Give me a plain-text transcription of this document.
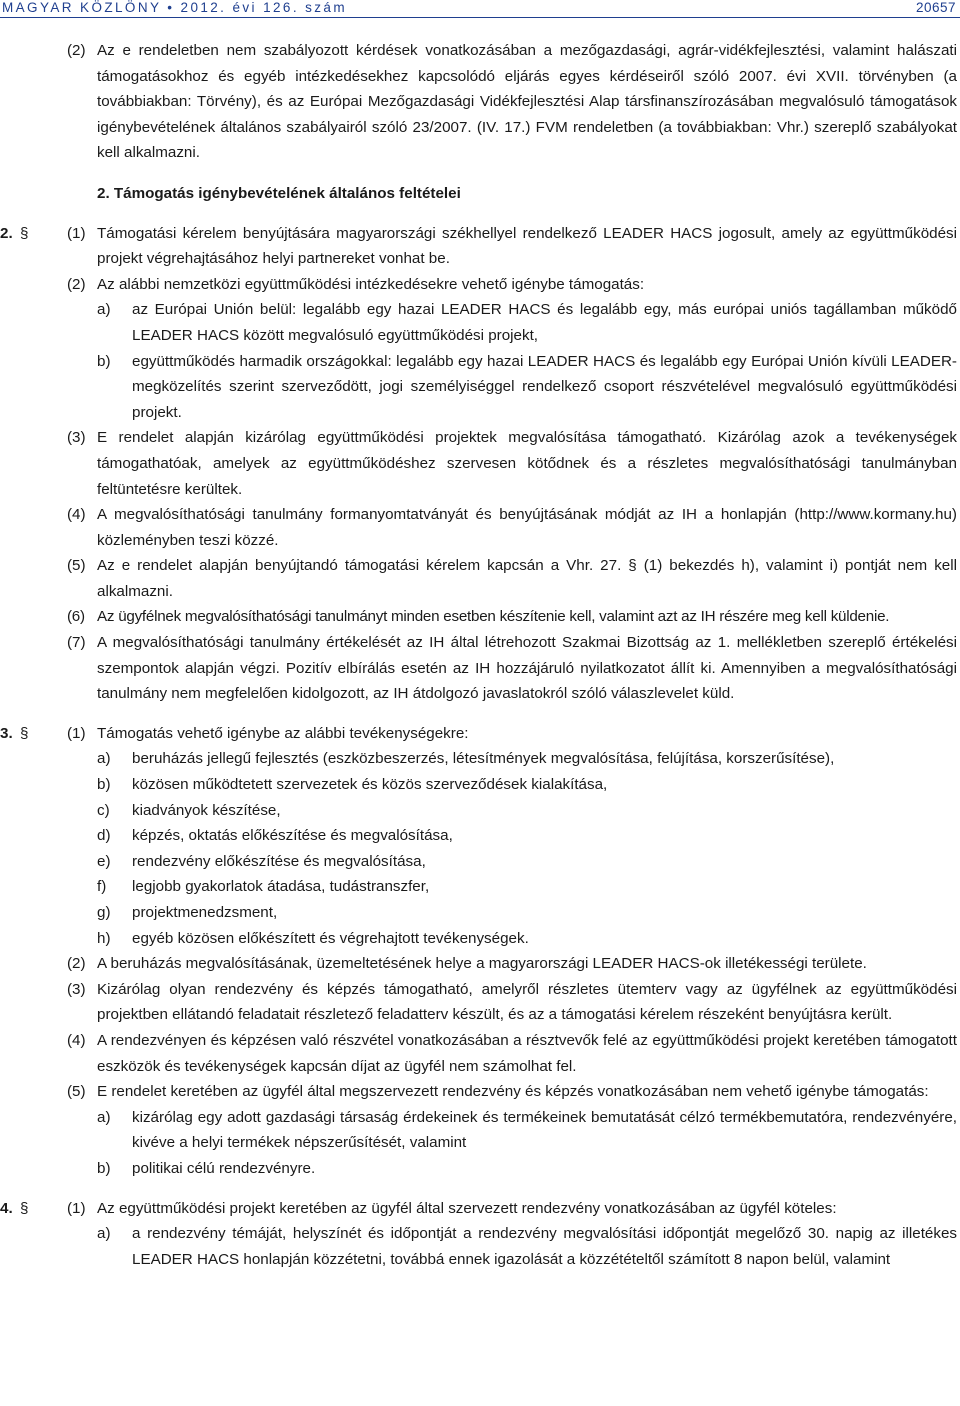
MAGYAR KÖZLÖNY • 2012. évi 126. szám	20657
(2) Az e rendeletben nem szabályozott kérdések vonatkozásában a mezőgazdasági, agrár-vidékfejlesztési, valamint halászati támogatásokhoz és egyéb intézkedésekhez kapcsolódó eljárás egyes kérdéseiről szóló 2007. évi XVII. törvényben (a továbbiakban: Törvény), és az Európai Mezőgazdasági Vidékfejlesztési Alap társfinanszírozásában megvalósuló támogatások igénybevételének általános szabályairól szóló 23/2007. (IV. 17.) FVM rendeletben (a továbbiakban: Vhr.) szereplő szabályokat kell alkalmazni.
2. Támogatás igénybevételének általános feltételei
2. §	(1) Támogatási kérelem benyújtására magyarországi székhellyel rendelkező LEADER HACS jogosult, amely az együttműködési projekt végrehajtásához helyi partnereket vonhat be.
(2) Az alábbi nemzetközi együttműködési intézkedésekre vehető igénybe támogatás:
a) az Európai Unión belül: legalább egy hazai LEADER HACS és legalább egy, más európai uniós tagállamban működő LEADER HACS között megvalósuló együttműködési projekt,
b) együttműködés harmadik országokkal: legalább egy hazai LEADER HACS és legalább egy Európai Unión kívüli LEADER-megközelítés szerint szerveződött, jogi személyiséggel rendelkező csoport részvételével megvalósuló együttműködési projekt.
(3) E rendelet alapján kizárólag együttműködési projektek megvalósítása támogatható. Kizárólag azok a tevékenységek támogathatóak, amelyek az együttműködéshez szervesen kötődnek és a részletes megvalósíthatósági tanulmányban feltüntetésre kerültek.
(4) A megvalósíthatósági tanulmány formanyomtatványát és benyújtásának módját az IH a honlapján (http://www.kormany.hu) közleményben teszi közzé.
(5) Az e rendelet alapján benyújtandó támogatási kérelem kapcsán a Vhr. 27. § (1) bekezdés h), valamint i) pontját nem kell alkalmazni.
(6) Az ügyfélnek megvalósíthatósági tanulmányt minden esetben készítenie kell, valamint azt az IH részére meg kell küldenie.
(7) A megvalósíthatósági tanulmány értékelését az IH által létrehozott Szakmai Bizottság az 1. mellékletben szereplő értékelési szempontok alapján végzi. Pozitív elbírálás esetén az IH hozzájáruló nyilatkozatot állít ki. Amennyiben a megvalósíthatósági tanulmány nem megfelelően kidolgozott, az IH átdolgozó javaslatokról szóló válaszlevelet küld.
3. §	(1) Támogatás vehető igénybe az alábbi tevékenységekre:
a) beruházás jellegű fejlesztés (eszközbeszerzés, létesítmények megvalósítása, felújítása, korszerűsítése),
b) közösen működtetett szervezetek és közös szerveződések kialakítása,
c) kiadványok készítése,
d) képzés, oktatás előkészítése és megvalósítása,
e) rendezvény előkészítése és megvalósítása,
f) legjobb gyakorlatok átadása, tudástranszfer,
g) projektmenedzsment,
h) egyéb közösen előkészített és végrehajtott tevékenységek.
(2) A beruházás megvalósításának, üzemeltetésének helye a magyarországi LEADER HACS-ok illetékességi területe.
(3) Kizárólag olyan rendezvény és képzés támogatható, amelyről részletes ütemterv vagy az ügyfélnek az együttműködési projektben ellátandó feladatait részletező feladatterv készült, és az a támogatási kérelem részeként benyújtásra került.
(4) A rendezvényen és képzésen való részvétel vonatkozásában a résztvevők felé az együttműködési projekt keretében támogatott eszközök és tevékenységek kapcsán díjat az ügyfél nem számolhat fel.
(5) E rendelet keretében az ügyfél által megszervezett rendezvény és képzés vonatkozásában nem vehető igénybe támogatás:
a) kizárólag egy adott gazdasági társaság érdekeinek és termékeinek bemutatását célzó termékbemutatóra, rendezvényére, kivéve a helyi termékek népszerűsítését, valamint
b) politikai célú rendezvényre.
4. §	(1) Az együttműködési projekt keretében az ügyfél által szervezett rendezvény vonatkozásában az ügyfél köteles:
a) a rendezvény témáját, helyszínét és időpontját a rendezvény megvalósítási időpontját megelőző 30. napig az illetékes LEADER HACS honlapján közzétetni, továbbá ennek igazolását a közzétételtől számított 8 napon belül, valamint
